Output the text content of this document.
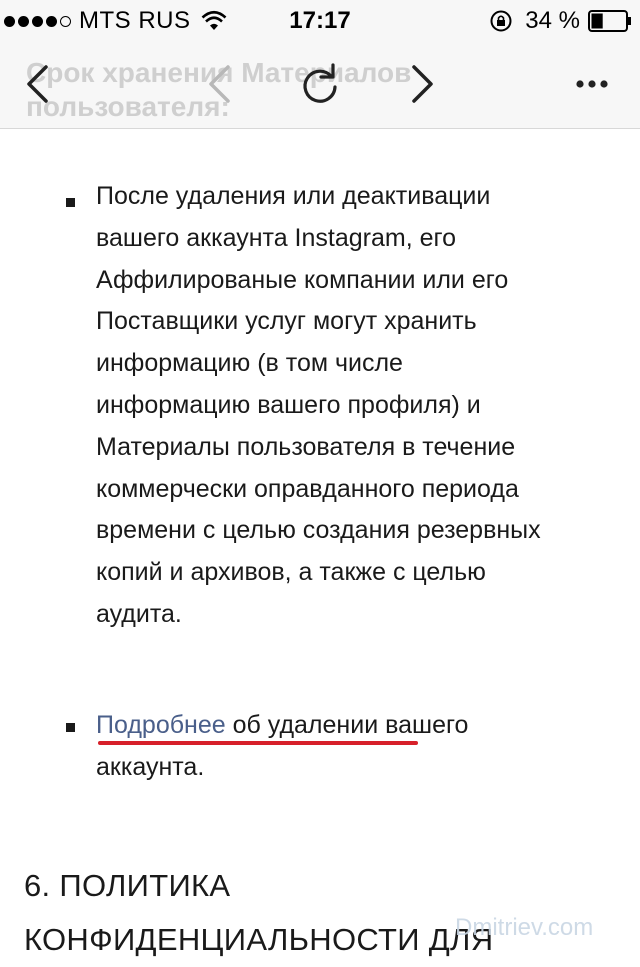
MTS RUS	17:17	34 %
Срок хранения Материалов
пользователя:
После удаления или деактивации вашего аккаунта Instagram, его Аффилированые компании или его Поставщики услуг могут хранить информацию (в том числе информацию вашего профиля) и Материалы пользователя в течение коммерчески оправданного периода времени с целью создания резервных копий и архивов, а также с целью аудита.
Подробнее об удалении вашего аккаунта.
6. ПОЛИТИКА КОНФИДЕНЦИАЛЬНОСТИ ДЛЯ
Dmitriev.com
